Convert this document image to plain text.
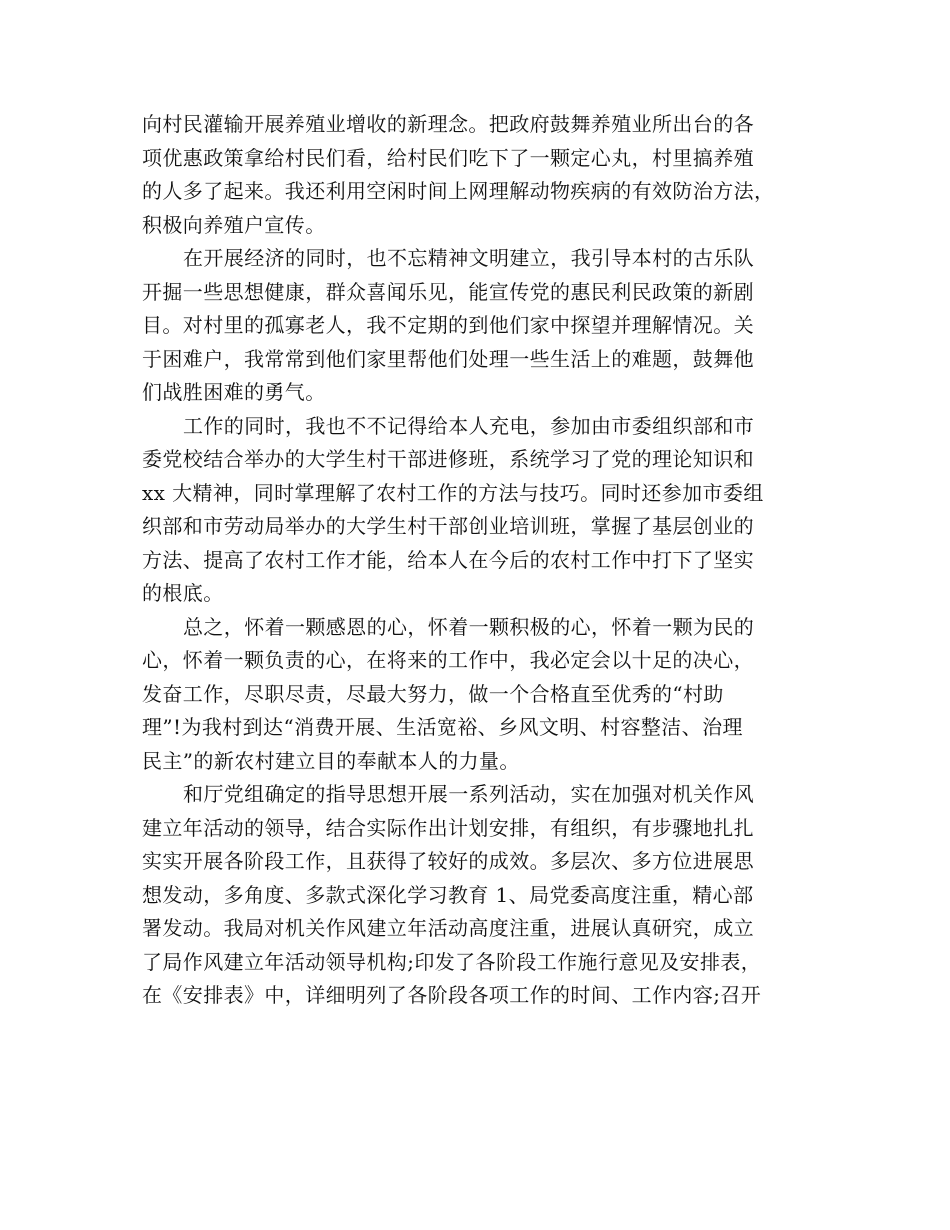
向村民灌输开展养殖业增收的新理念。把政府鼓舞养殖业所出台的各
项优惠政策拿给村民们看，给村民们吃下了一颗定心丸，村里搞养殖
的人多了起来。我还利用空闲时间上网理解动物疾病的有效防治方法，
积极向养殖户宣传。
在开展经济的同时，也不忘精神文明建立，我引导本村的古乐队
开掘一些思想健康，群众喜闻乐见，能宣传党的惠民利民政策的新剧
目。对村里的孤寡老人，我不定期的到他们家中探望并理解情况。关
于困难户，我常常到他们家里帮他们处理一些生活上的难题，鼓舞他
们战胜困难的勇气。
工作的同时，我也不不记得给本人充电，参加由市委组织部和市
委党校结合举办的大学生村干部进修班，系统学习了党的理论知识和
xx 大精神，同时掌理解了农村工作的方法与技巧。同时还参加市委组
织部和市劳动局举办的大学生村干部创业培训班，掌握了基层创业的
方法、提高了农村工作才能，给本人在今后的农村工作中打下了坚实
的根底。
总之，怀着一颗感恩的心，怀着一颗积极的心，怀着一颗为民的
心，怀着一颗负责的心，在将来的工作中，我必定会以十足的决心，
发奋工作，尽职尽责，尽最大努力，做一个合格直至优秀的“村助
理”!为我村到达“消费开展、生活宽裕、乡风文明、村容整洁、治理
民主”的新农村建立目的奉献本人的力量。
和厅党组确定的指导思想开展一系列活动，实在加强对机关作风
建立年活动的领导，结合实际作出计划安排，有组织，有步骤地扎扎
实实开展各阶段工作，且获得了较好的成效。多层次、多方位进展思
想发动，多角度、多款式深化学习教育 1、局党委高度注重，精心部
署发动。我局对机关作风建立年活动高度注重，进展认真研究，成立
了局作风建立年活动领导机构;印发了各阶段工作施行意见及安排表，
在《安排表》中，详细明列了各阶段各项工作的时间、工作内容;召开
